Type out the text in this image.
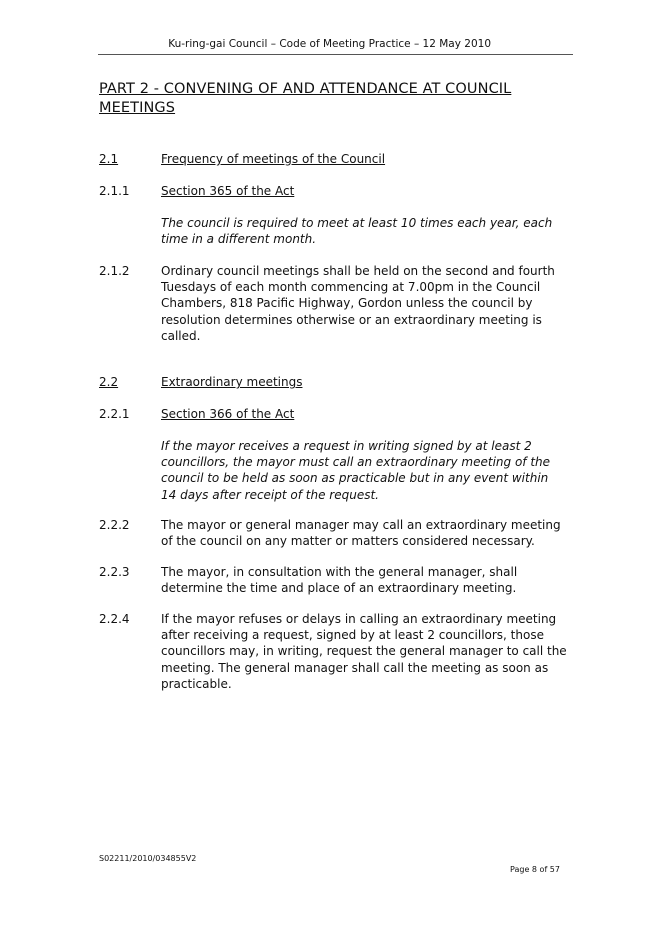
Ku-ring-gai Council – Code of Meeting Practice – 12 May 2010
PART 2 - CONVENING OF AND ATTENDANCE AT COUNCIL MEETINGS
2.1	Frequency of meetings of the Council
2.1.1	Section 365 of the Act
The council is required to meet at least 10 times each year, each time in a different month.
2.1.2	Ordinary council meetings shall be held on the second and fourth Tuesdays of each month commencing at 7.00pm in the Council Chambers, 818 Pacific Highway, Gordon unless the council by resolution determines otherwise or an extraordinary meeting is called.
2.2	Extraordinary meetings
2.2.1	Section 366 of the Act
If the mayor receives a request in writing signed by at least 2 councillors, the mayor must call an extraordinary meeting of the council to be held as soon as practicable but in any event within 14 days after receipt of the request.
2.2.2	The mayor or general manager may call an extraordinary meeting of the council on any matter or matters considered necessary.
2.2.3	The mayor, in consultation with the general manager, shall determine the time and place of an extraordinary meeting.
2.2.4	If the mayor refuses or delays in calling an extraordinary meeting after receiving a request, signed by at least 2 councillors, those councillors may, in writing, request the general manager to call the meeting. The general manager shall call the meeting as soon as practicable.
S02211/2010/034855V2
Page 8 of 57
